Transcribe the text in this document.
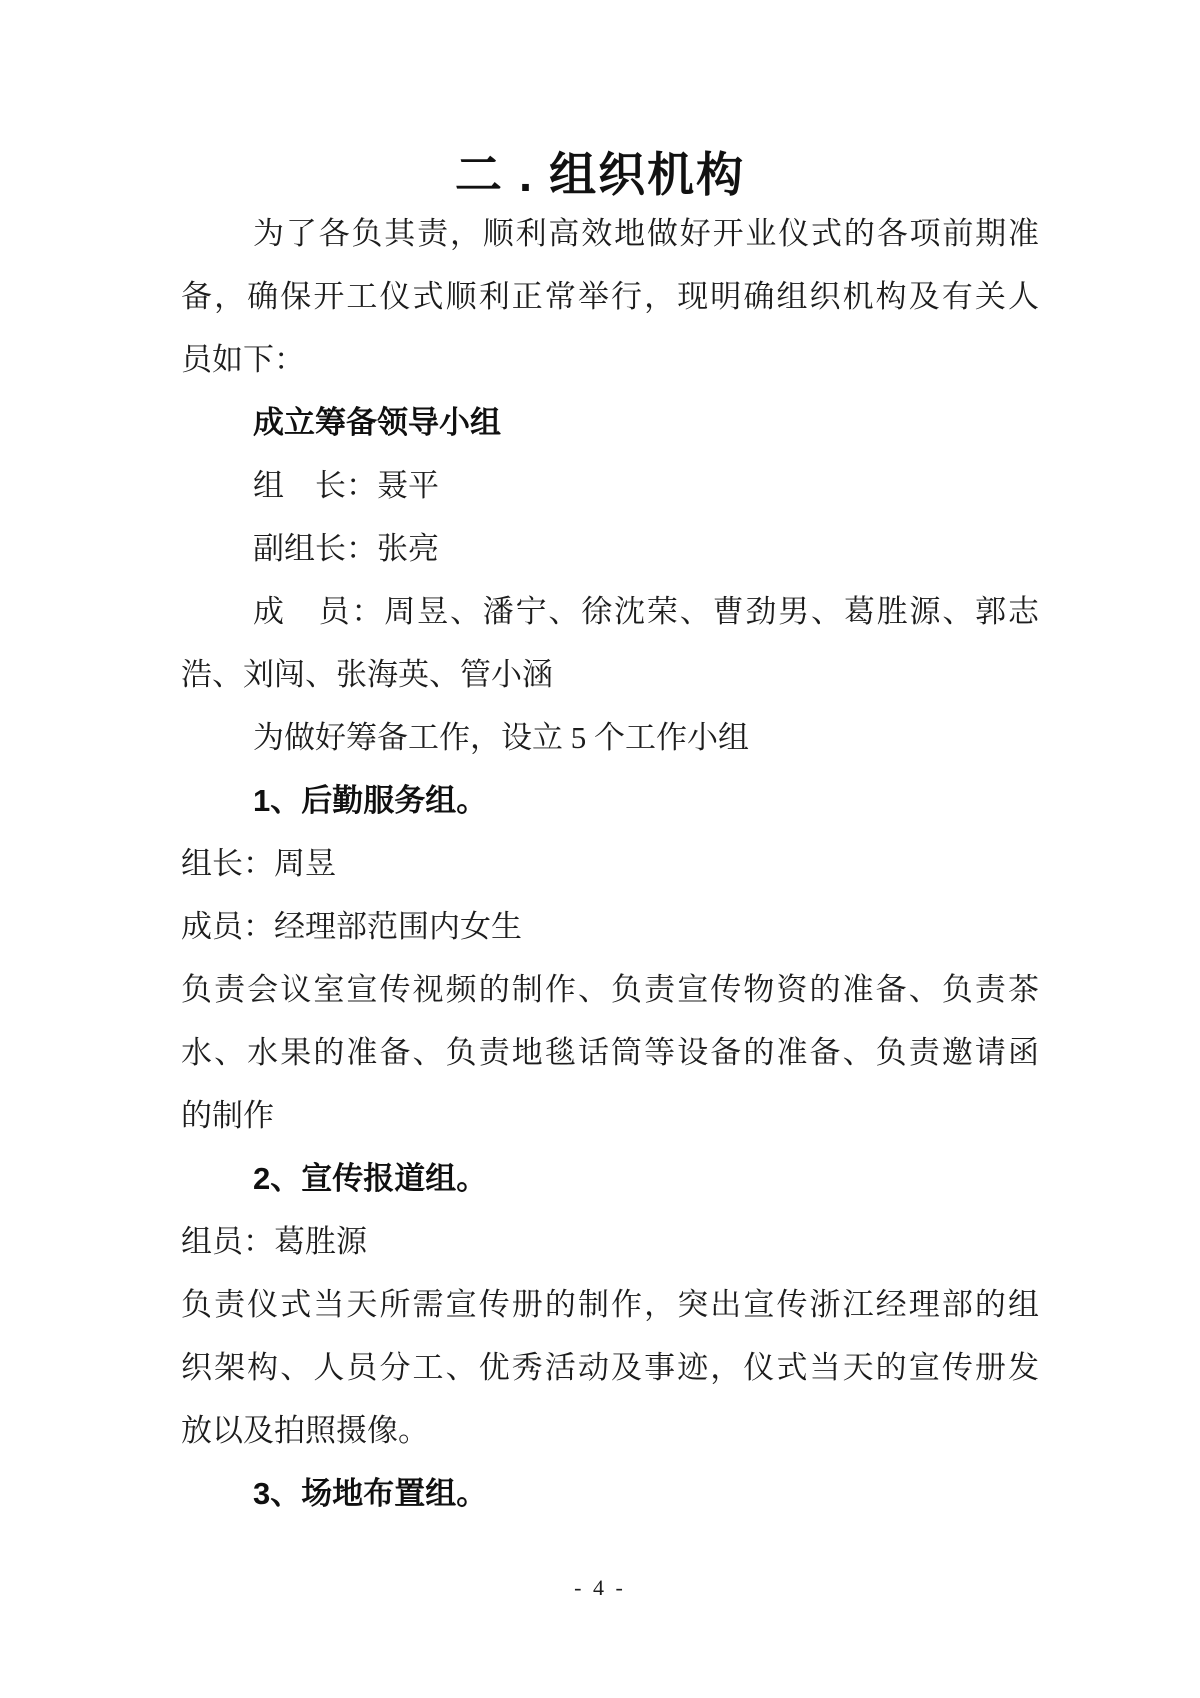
二 . 组织机构
为了各负其责，顺利高效地做好开业仪式的各项前期准
备，确保开工仪式顺利正常举行，现明确组织机构及有关人
员如下：
成立筹备领导小组
组　长：聂平
副组长：张亮
成　员：周昱、潘宁、徐沈荣、曹劲男、葛胜源、郭志
浩、刘闯、张海英、管小涵
为做好筹备工作，设立 5 个工作小组
1、后勤服务组。
组长：周昱
成员：经理部范围内女生
负责会议室宣传视频的制作、负责宣传物资的准备、负责茶
水、水果的准备、负责地毯话筒等设备的准备、负责邀请函
的制作
2、宣传报道组。
组员：葛胜源
负责仪式当天所需宣传册的制作，突出宣传浙江经理部的组
织架构、人员分工、优秀活动及事迹，仪式当天的宣传册发
放以及拍照摄像。
3、场地布置组。
- 4 -
